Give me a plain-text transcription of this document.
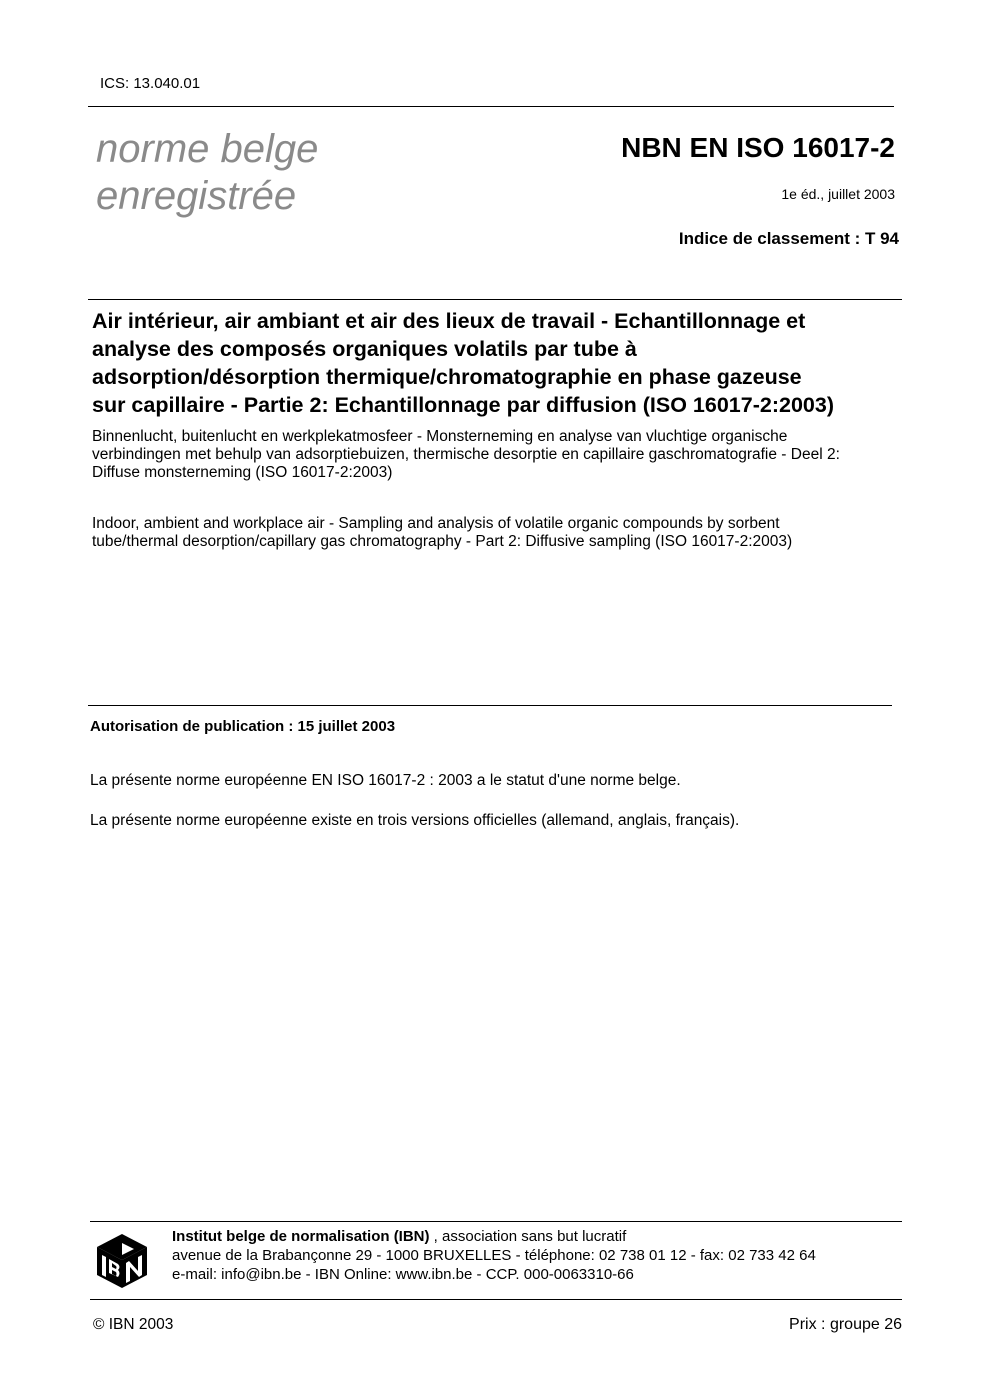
ICS: 13.040.01
norme belge
enregistrée
NBN EN ISO 16017-2
1e éd., juillet 2003
Indice de classement : T 94
Air intérieur, air ambiant et air des lieux de travail - Echantillonnage et
analyse des composés organiques volatils par tube à
adsorption/désorption thermique/chromatographie en phase gazeuse
sur capillaire - Partie 2: Echantillonnage par diffusion (ISO 16017-2:2003)
Binnenlucht, buitenlucht en werkplekatmosfeer - Monsterneming en analyse van vluchtige organische
verbindingen met behulp van adsorptiebuizen, thermische desorptie en capillaire gaschromatografie - Deel 2:
Diffuse monsterneming (ISO 16017-2:2003)
Indoor, ambient and workplace air - Sampling and analysis of volatile organic compounds by sorbent
tube/thermal desorption/capillary gas chromatography - Part 2: Diffusive sampling (ISO 16017-2:2003)
Autorisation de publication : 15 juillet 2003
La présente norme européenne EN ISO 16017-2 : 2003 a le statut d'une norme belge.
La présente norme européenne existe en trois versions officielles (allemand, anglais, français).
Institut belge de normalisation (IBN) , association sans but lucratif
avenue de la Brabançonne 29 - 1000 BRUXELLES - téléphone: 02 738 01 12 - fax: 02 733 42 64
e-mail: info@ibn.be - IBN Online: www.ibn.be - CCP. 000-0063310-66
© IBN 2003	Prix : groupe 26
